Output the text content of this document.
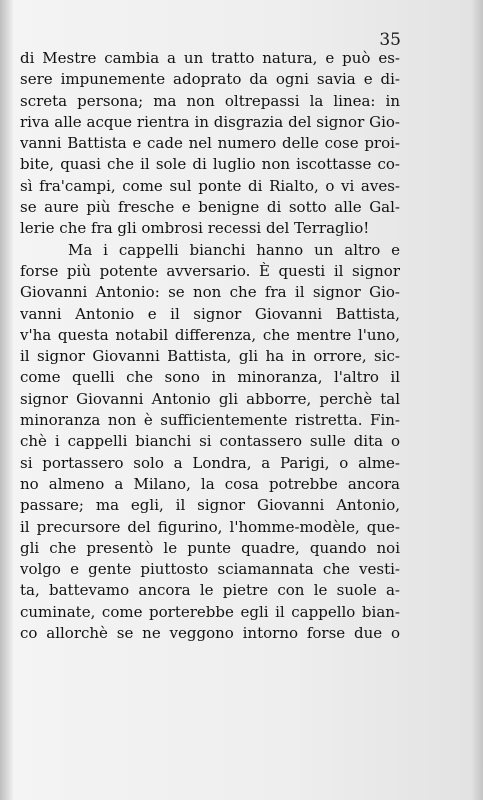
35
di Mestre cambia a un tratto natura, e può es-
sere impunemente adoprato da ogni savia e di-
screta persona; ma non oltrepassi la linea: in
riva alle acque rientra in disgrazia del signor Gio-
vanni Battista e cade nel numero delle cose proi-
bite, quasi che il sole di luglio non iscottasse co-
sì fra'campi, come sul ponte di Rialto, o vi aves-
se aure più fresche e benigne di sotto alle Gal-
lerie che fra gli ombrosi recessi del Terraglio!
Ma i cappelli bianchi hanno un altro e
forse più potente avversario. È questi il signor
Giovanni Antonio: se non che fra il signor Gio-
vanni Antonio e il signor Giovanni Battista,
v'ha questa notabil differenza, che mentre l'uno,
il signor Giovanni Battista, gli ha in orrore, sic-
come quelli che sono in minoranza, l'altro il
signor Giovanni Antonio gli abborre, perchè tal
minoranza non è sufficientemente ristretta. Fin-
chè i cappelli bianchi si contassero sulle dita o
si portassero solo a Londra, a Parigi, o alme-
no almeno a Milano, la cosa potrebbe ancora
passare; ma egli, il signor Giovanni Antonio,
il precursore del figurino, l'homme-modèle, que-
gli che presentò le punte quadre, quando noi
volgo e gente piuttosto sciamannata che vesti-
ta, battevamo ancora le pietre con le suole a-
cuminate, come porterebbe egli il cappello bian-
co allorchè se ne veggono intorno forse due o
